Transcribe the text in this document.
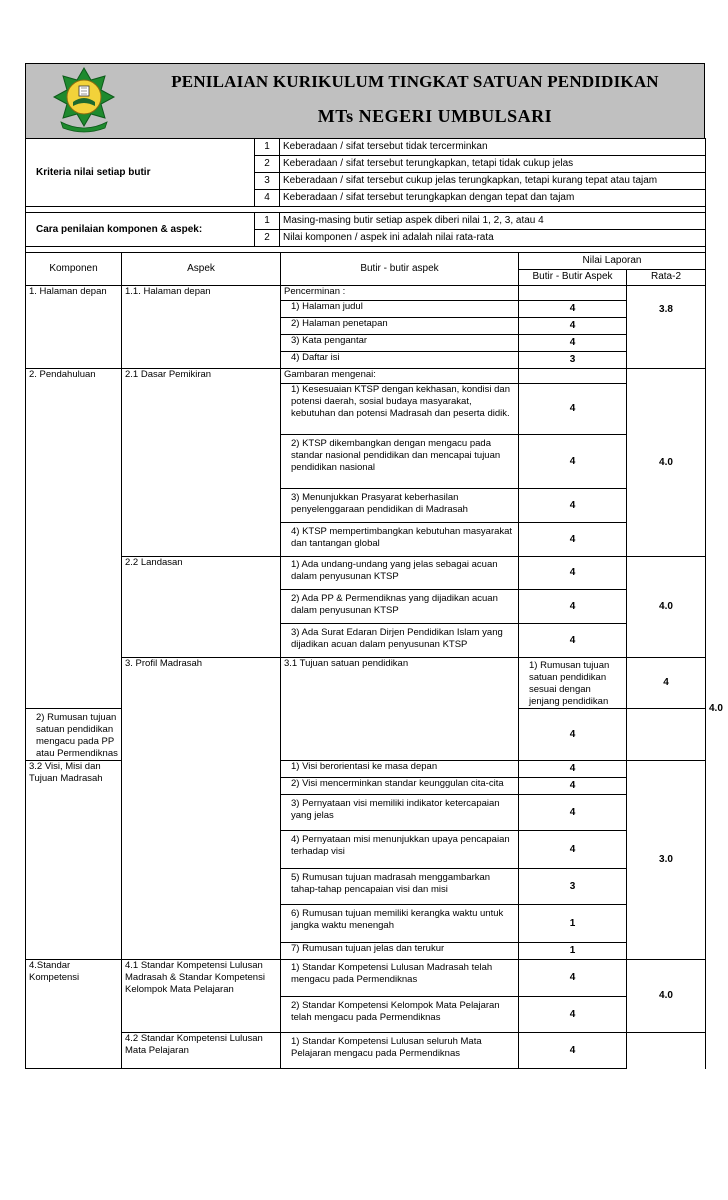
PENILAIAN KURIKULUM TINGKAT SATUAN PENDIDIKAN
MTs NEGERI UMBULSARI
Kriteria nilai setiap butir	1	Keberadaan / sifat tersebut tidak tercerminkan
	2	Keberadaan / sifat tersebut terungkapkan, tetapi tidak cukup jelas
	3	Keberadaan / sifat tersebut cukup jelas terungkapkan, tetapi kurang tepat atau tajam
	4	Keberadaan / sifat tersebut terungkapkan dengan tepat dan tajam

Cara penilaian komponen & aspek:	1	Masing-masing butir setiap aspek diberi nilai 1, 2, 3, atau 4
	2	Nilai komponen / aspek ini adalah nilai rata-rata

Komponen	Aspek	Butir - butir aspek	Nilai Laporan		
			Butir - Butir Aspek	Rata-2	
1. Halaman depan	1.1. Halaman depan	Pencerminan :			
		1) Halaman judul	4	3.8	
		2) Halaman penetapan	4		
		3) Kata pengantar	4		
		4) Daftar isi	3		
2. Pendahuluan	2.1 Dasar Pemikiran	Gambaran mengenai:		4.0	
		1) Kesesuaian KTSP dengan kekhasan, kondisi dan potensi daerah, sosial budaya masyarakat, kebutuhan dan potensi Madrasah dan peserta didik.	4		
		2) KTSP dikembangkan dengan mengacu pada standar nasional pendidikan dan mencapai tujuan pendidikan nasional	4		
		3) Menunjukkan Prasyarat keberhasilan penyelenggaraan pendidikan di Madrasah	4		
		4) KTSP mempertimbangkan kebutuhan masyarakat dan tantangan global	4		
	2.2 Landasan	1) Ada undang-undang yang jelas sebagai acuan dalam penyusunan KTSP	4	4.0	
		2) Ada PP & Permendiknas yang dijadikan acuan dalam penyusunan KTSP	4		
		3) Ada Surat Edaran Dirjen Pendidikan Islam yang dijadikan acuan dalam penyusunan KTSP	4		
	3. Profil Madrasah	3.1 Tujuan satuan pendidikan	1) Rumusan tujuan satuan pendidikan sesuai dengan jenjang pendidikan	4	4.0
2) Rumusan tujuan satuan pendidikan mengacu pada PP atau Permendiknas			4		
3.2 Visi, Misi dan Tujuan Madrasah		1) Visi berorientasi ke masa depan	4	3.0	
		2) Visi mencerminkan standar keunggulan cita-cita	4		
		3) Pernyataan visi memiliki indikator ketercapaian yang jelas	4		
		4) Pernyataan misi menunjukkan upaya pencapaian terhadap visi	4		
		5) Rumusan tujuan madrasah menggambarkan tahap-tahap pencapaian visi dan misi	3		
		6) Rumusan tujuan memiliki kerangka waktu untuk jangka waktu menengah	1		
		7) Rumusan tujuan jelas dan terukur	1		
4.Standar Kompetensi	4.1 Standar Kompetensi Lulusan Madrasah & Standar Kompetensi Kelompok Mata Pelajaran	1) Standar Kompetensi Lulusan Madrasah telah mengacu pada Permendiknas	4	4.0	
		2) Standar Kompetensi Kelompok Mata Pelajaran telah mengacu pada Permendiknas	4		
	4.2 Standar Kompetensi Lulusan Mata Pelajaran	1) Standar Kompetensi Lulusan seluruh Mata Pelajaran mengacu pada Permendiknas	4		
